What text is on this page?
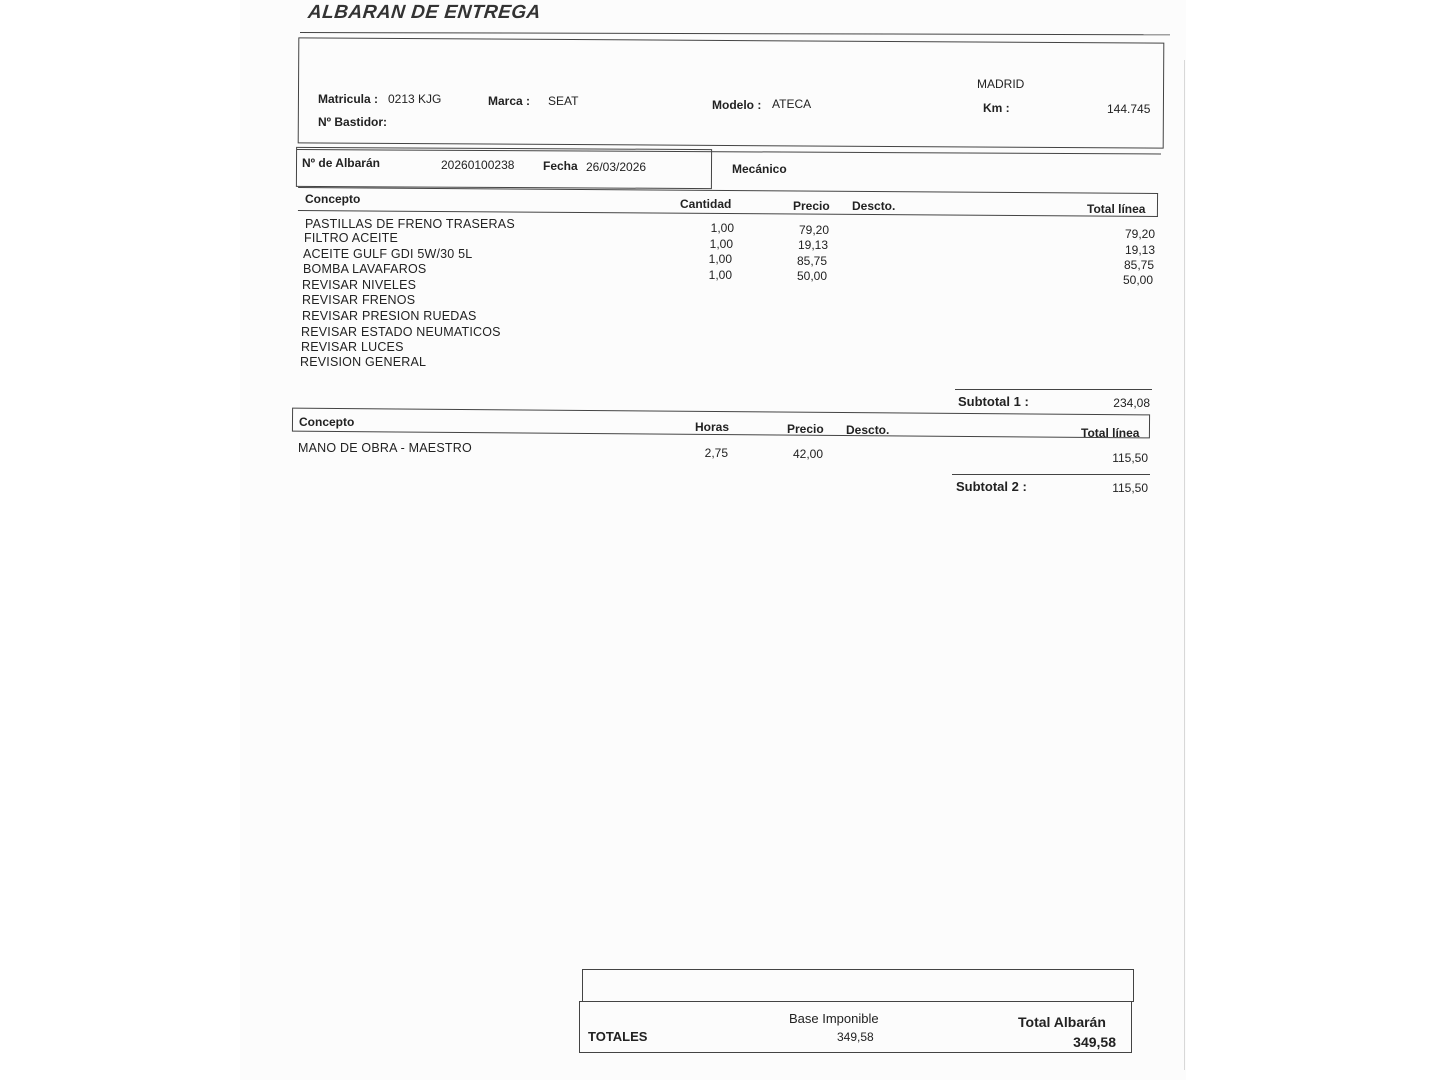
ALBARAN DE ENTREGA
MADRID
Matricula : 0213 KJG	Marca : SEAT	Modelo : ATECA	Km :	144.745
Nº Bastidor:
Nº de Albarán	20260100238 Fecha 26/03/2026	Mecánico
Concepto	Cantidad	Precio Descto.	Total línea
PASTILLAS DE FRENO TRASERAS	1,00	79,20	79,20
FILTRO ACEITE	1,00	19,13	19,13
ACEITE GULF GDI 5W/30 5L	1,00	85,75	85,75
BOMBA LAVAFAROS	1,00	50,00	50,00
REVISAR NIVELES
REVISAR FRENOS
REVISAR PRESION RUEDAS
REVISAR ESTADO NEUMATICOS
REVISAR LUCES
REVISION GENERAL
Subtotal 1 :	234,08
Concepto	Horas	Precio Descto.	Total línea
MANO DE OBRA - MAESTRO	2,75	42,00	115,50
Subtotal 2 :	115,50
TOTALES
Base Imponible
349,58
Total Albarán
349,58
